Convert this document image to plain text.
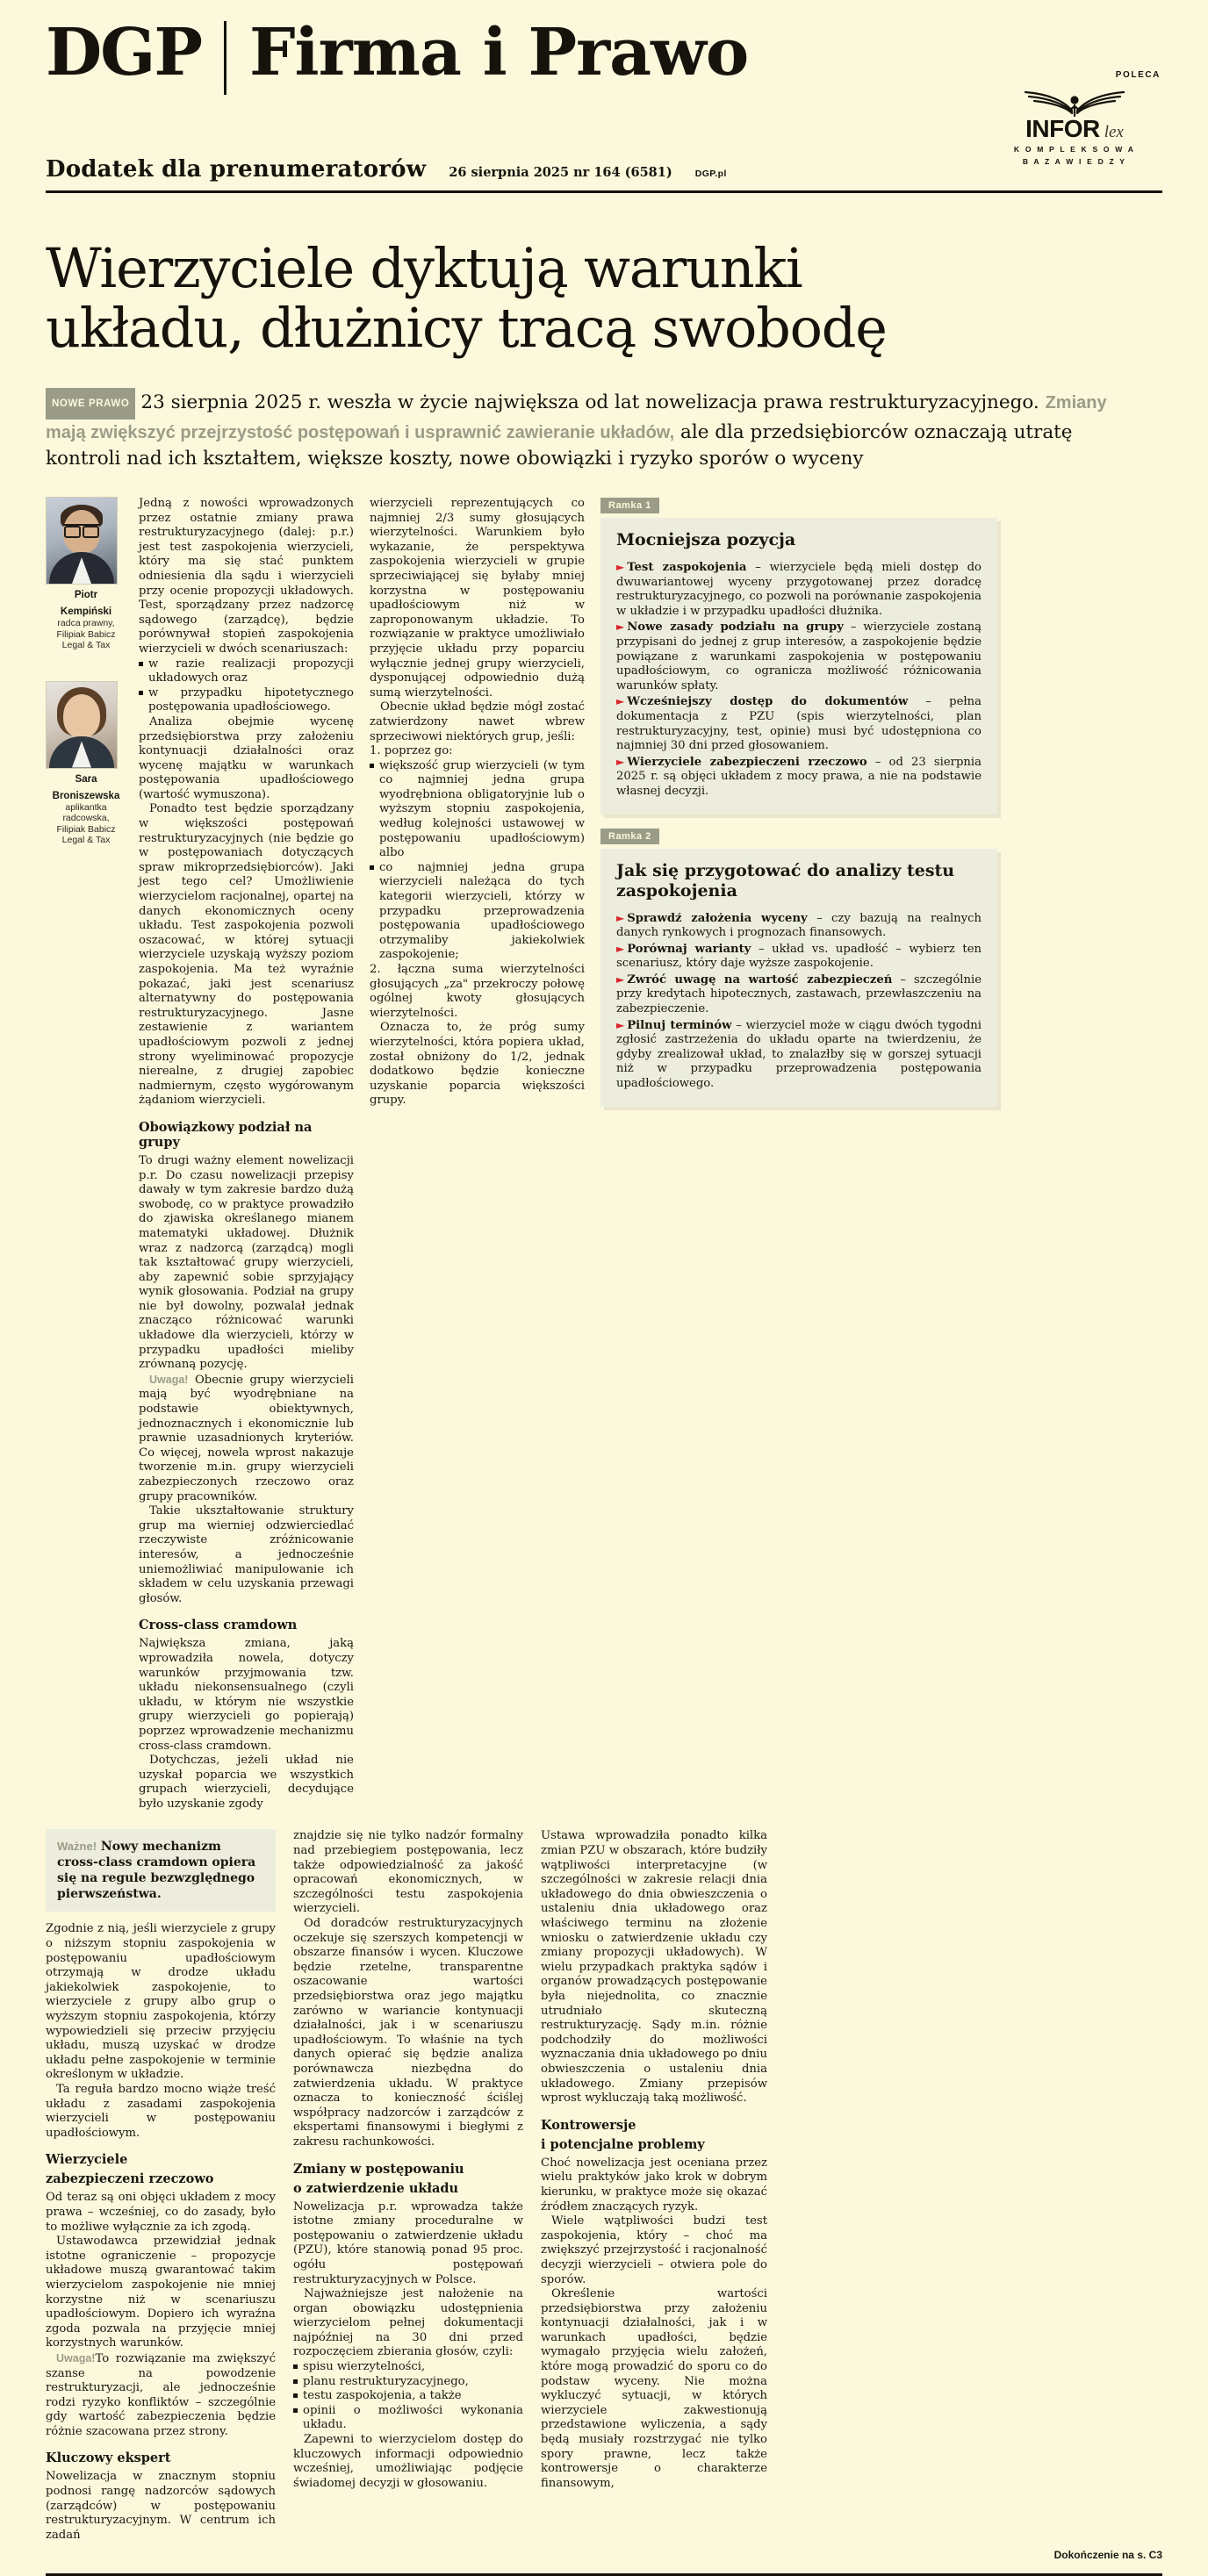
DGP Firma i Prawo	POLECA
INFOR lex
K O M P L E K S O W A
B A Z A W I E D Z Y
Dodatek dla prenumeratorów 26 sierpnia 2025 nr 164 (6581) DGP.pl
Wierzyciele dyktują warunki układu, dłużnicy tracą swobodę

NOWE PRAWO 23 sierpnia 2025 r. weszła w życie największa od lat nowelizacja prawa restrukturyzacyjnego. Zmiany mają zwiększyć przejrzystość postępowań i usprawnić zawieranie układów, ale dla przedsiębiorców oznaczają utratę kontroli nad ich kształtem, większe koszty, nowe obowiązki i ryzyko sporów o wyceny

Piotr
Kempiński
radca prawny,
Filipiak Babicz
Legal & Tax
Sara
Broniszewska
aplikantka
radcowska,
Filipiak Babicz
Legal & Tax

Jedną z nowości wprowadzonych przez ostatnie zmiany prawa restrukturyzacyjnego (dalej: p.r.) jest test zaspokojenia wierzycieli, który ma się stać punktem odniesienia dla sądu i wierzycieli przy ocenie propozycji układowych. Test, sporządzany przez nadzorcę sądowego (zarządcę), będzie porównywał stopień zaspokojenia wierzycieli w dwóch scenariuszach:

w razie realizacji propozycji układowych oraz

w przypadku hipotetycznego postępowania upadłościowego.

Analiza obejmie wycenę przedsiębiorstwa przy założeniu kontynuacji działalności oraz wycenę majątku w warunkach postępowania upadłościowego (wartość wymuszona).

Ponadto test będzie sporządzany w większości postępowań restrukturyzacyjnych (nie będzie go w postępowaniach dotyczących spraw mikroprzedsiębiorców). Jaki jest tego cel? Umożliwienie wierzycielom racjonalnej, opartej na danych ekonomicznych oceny układu. Test zaspokojenia pozwoli oszacować, w której sytuacji wierzyciele uzyskają wyższy poziom zaspokojenia. Ma też wyraźnie pokazać, jaki jest scenariusz alternatywny do postępowania restrukturyzacyjnego. Jasne zestawienie z wariantem upadłościowym pozwoli z jednej strony wyeliminować propozycje nierealne, z drugiej zapobiec nadmiernym, często wygórowanym żądaniom wierzycieli.

Obowiązkowy podział na grupy

To drugi ważny element nowelizacji p.r. Do czasu nowelizacji przepisy dawały w tym zakresie bardzo dużą swobodę, co w praktyce prowadziło do zjawiska określanego mianem matematyki układowej. Dłużnik wraz z nadzorcą (zarządcą) mogli tak kształtować grupy wierzycieli, aby zapewnić sobie sprzyjający wynik głosowania. Podział na grupy nie był dowolny, pozwalał jednak znacząco różnicować warunki układowe dla wierzycieli, którzy w przypadku upadłości mieliby zrównaną pozycję.

Uwaga! Obecnie grupy wierzycieli mają być wyodrębniane na podstawie obiektywnych, jednoznacznych i ekonomicznie lub prawnie uzasadnionych kryteriów. Co więcej, nowela wprost nakazuje tworzenie m.in. grupy wierzycieli zabezpieczonych rzeczowo oraz grupy pracowników.

Takie ukształtowanie struktury grup ma wierniej odzwierciedlać rzeczywiste zróżnicowanie interesów, a jednocześnie uniemożliwiać manipulowanie ich składem w celu uzyskania przewagi głosów.

Cross-class cramdown

Największa zmiana, jaką wprowadziła nowela, dotyczy warunków przyjmowania tzw. układu niekonsensualnego (czyli układu, w którym nie wszystkie grupy wierzycieli go popierają) poprzez wprowadzenie mechanizmu cross-class cramdown.

Dotychczas, jeżeli układ nie uzyskał poparcia we wszystkich grupach wierzycieli, decydujące było uzyskanie zgody

wierzycieli reprezentujących co najmniej 2/3 sumy głosujących wierzytelności. Warunkiem było wykazanie, że perspektywa zaspokojenia wierzycieli w grupie sprzeciwiającej się byłaby mniej korzystna w postępowaniu upadłościowym niż w zaproponowanym układzie. To rozwiązanie w praktyce umożliwiało przyjęcie układu przy poparciu wyłącznie jednej grupy wierzycieli, dysponującej odpowiednio dużą sumą wierzytelności.

Obecnie układ będzie mógł zostać zatwierdzony nawet wbrew sprzeciwowi niektórych grup, jeśli:

1. poprzez go:

większość grup wierzycieli (w tym co najmniej jedna grupa wyodrębniona obligatoryjnie lub o wyższym stopniu zaspokojenia, według kolejności ustawowej w postępowaniu upadłościowym) albo

co najmniej jedna grupa wierzycieli należąca do tych kategorii wierzycieli, którzy w przypadku przeprowadzenia postępowania upadłościowego otrzymaliby jakiekolwiek zaspokojenie;

2. łączna suma wierzytelności głosujących „za" przekroczy połowę ogólnej kwoty głosujących wierzytelności.

Oznacza to, że próg sumy wierzytelności, która popiera układ, został obniżony do 1/2, jednak dodatkowo będzie konieczne uzyskanie poparcia większości grupy.

Ramka 1
Mocniejsza pozycja

► Test zaspokojenia – wierzyciele będą mieli dostęp do dwuwariantowej wyceny przygotowanej przez doradcę restrukturyzacyjnego, co pozwoli na porównanie zaspokojenia w układzie i w przypadku upadłości dłużnika.

► Nowe zasady podziału na grupy – wierzyciele zostaną przypisani do jednej z grup interesów, a zaspokojenie będzie powiązane z warunkami zaspokojenia w postępowaniu upadłościowym, co ogranicza możliwość różnicowania warunków spłaty.

► Wcześniejszy dostęp do dokumentów – pełna dokumentacja z PZU (spis wierzytelności, plan restrukturyzacyjny, test, opinie) musi być udostępniona co najmniej 30 dni przed głosowaniem.

► Wierzyciele zabezpieczeni rzeczowo – od 23 sierpnia 2025 r. są objęci układem z mocy prawa, a nie na podstawie własnej decyzji.

Ramka 2
Jak się przygotować do analizy testu zaspokojenia

► Sprawdź założenia wyceny – czy bazują na realnych danych rynkowych i prognozach finansowych.

► Porównaj warianty – układ vs. upadłość – wybierz ten scenariusz, który daje wyższe zaspokojenie.

► Zwróć uwagę na wartość zabezpieczeń – szczególnie przy kredytach hipotecznych, zastawach, przewłaszczeniu na zabezpieczenie.

► Pilnuj terminów – wierzyciel może w ciągu dwóch tygodni zgłosić zastrzeżenia do układu oparte na twierdzeniu, że gdyby zrealizował układ, to znalazłby się w gorszej sytuacji niż w przypadku przeprowadzenia postępowania upadłościowego.

Ważne! Nowy mechanizm cross-class cramdown opiera się na regule bezwzględnego pierwszeństwa.

Zgodnie z nią, jeśli wierzyciele z grupy o niższym stopniu zaspokojenia w postępowaniu upadłościowym otrzymają w drodze układu jakiekolwiek zaspokojenie, to wierzyciele z grupy albo grup o wyższym stopniu zaspokojenia, którzy wypowiedzieli się przeciw przyjęciu układu, muszą uzyskać w drodze układu pełne zaspokojenie w terminie określonym w układzie.

Ta reguła bardzo mocno wiąże treść układu z zasadami zaspokojenia wierzycieli w postępowaniu upadłościowym.

Wierzyciele
zabezpieczeni rzeczowo

Od teraz są oni objęci układem z mocy prawa – wcześniej, co do zasady, było to możliwe wyłącznie za ich zgodą.

Ustawodawca przewidział jednak istotne ograniczenie – propozycje układowe muszą gwarantować takim wierzycielom zaspokojenie nie mniej korzystne niż w scenariuszu upadłościowym. Dopiero ich wyraźna zgoda pozwala na przyjęcie mniej korzystnych warunków.

Uwaga!To rozwiązanie ma zwiększyć szanse na powodzenie restrukturyzacji, ale jednocześnie rodzi ryzyko konfliktów – szczególnie gdy wartość zabezpieczenia będzie różnie szacowana przez strony.

Kluczowy ekspert

Nowelizacja w znacznym stopniu podnosi rangę nadzorców sądowych (zarządców) w postępowaniu restrukturyzacyjnym. W centrum ich zadań

znajdzie się nie tylko nadzór formalny nad przebiegiem postępowania, lecz także odpowiedzialność za jakość opracowań ekonomicznych, w szczególności testu zaspokojenia wierzycieli.

Od doradców restrukturyzacyjnych oczekuje się szerszych kompetencji w obszarze finansów i wycen. Kluczowe będzie rzetelne, transparentne oszacowanie wartości przedsiębiorstwa oraz jego majątku zarówno w wariancie kontynuacji działalności, jak i w scenariuszu upadłościowym. To właśnie na tych danych opierać się będzie analiza porównawcza niezbędna do zatwierdzenia układu. W praktyce oznacza to konieczność ściślej współpracy nadzorców i zarządców z ekspertami finansowymi i biegłymi z zakresu rachunkowości.

Zmiany w postępowaniu
o zatwierdzenie układu

Nowelizacja p.r. wprowadza także istotne zmiany proceduralne w postępowaniu o zatwierdzenie układu (PZU), które stanowią ponad 95 proc. ogółu postępowań restrukturyzacyjnych w Polsce.

Najważniejsze jest nałożenie na organ obowiązku udostępnienia wierzycielom pełnej dokumentacji najpóźniej na 30 dni przed rozpoczęciem zbierania głosów, czyli:

spisu wierzytelności,

planu restrukturyzacyjnego,

testu zaspokojenia, a także

opinii o możliwości wykonania układu.

Zapewni to wierzycielom dostęp do kluczowych informacji odpowiednio wcześniej, umożliwiając podjęcie świadomej decyzji w głosowaniu.

Ustawa wprowadziła ponadto kilka zmian PZU w obszarach, które budziły wątpliwości interpretacyjne (w szczególności w zakresie relacji dnia układowego do dnia obwieszczenia o ustaleniu dnia układowego oraz właściwego terminu na złożenie wniosku o zatwierdzenie układu czy zmiany propozycji układowych). W wielu przypadkach praktyka sądów i organów prowadzących postępowanie była niejednolita, co znacznie utrudniało skuteczną restrukturyzację. Sądy m.in. różnie podchodziły do możliwości wyznaczania dnia układowego po dniu obwieszczenia o ustaleniu dnia układowego. Zmiany przepisów wprost wykluczają taką możliwość.

Kontrowersje
i potencjalne problemy

Choć nowelizacja jest oceniana przez wielu praktyków jako krok w dobrym kierunku, w praktyce może się okazać źródłem znaczących ryzyk.

Wiele wątpliwości budzi test zaspokojenia, który – choć ma zwiększyć przejrzystość i racjonalność decyzji wierzycieli – otwiera pole do sporów.

Określenie wartości przedsiębiorstwa przy założeniu kontynuacji działalności, jak i w warunkach upadłości, będzie wymagało przyjęcia wielu założeń, które mogą prowadzić do sporu co do podstaw wyceny. Nie można wykluczyć sytuacji, w których wierzyciele zakwestionują przedstawione wyliczenia, a sądy będą musiały rozstrzygać nie tylko spory prawne, lecz także kontrowersje o charakterze finansowym,

Dokończenie na s. C3
